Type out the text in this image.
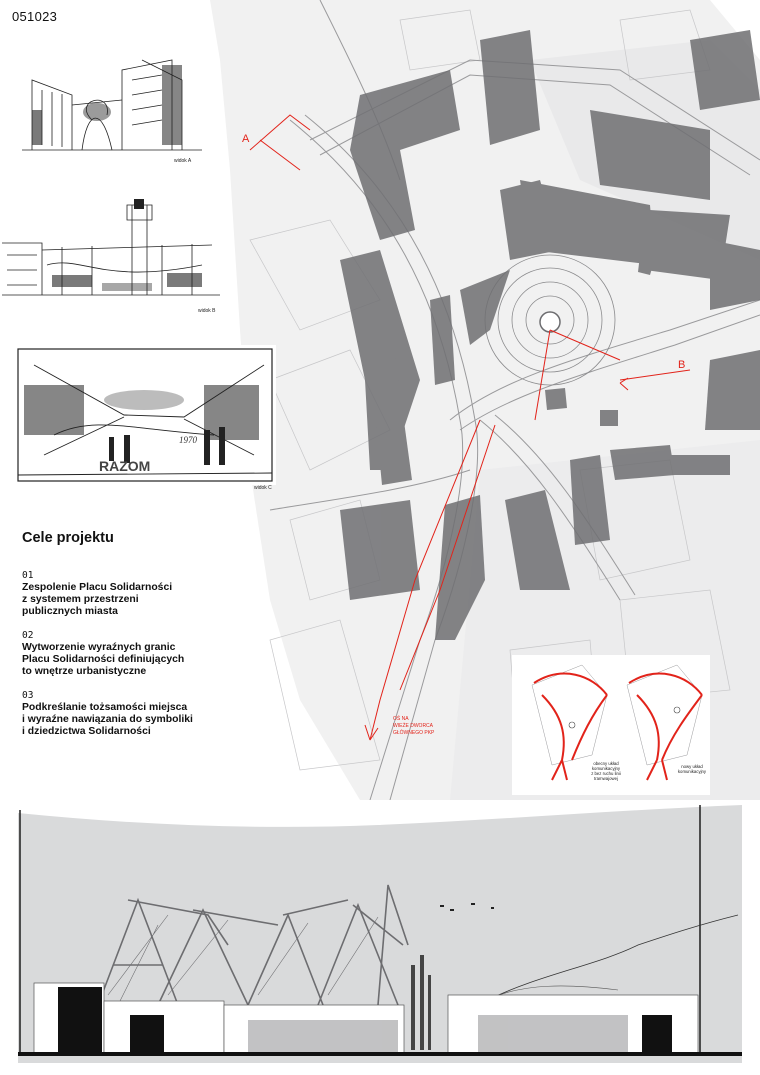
051023
A
B
OŚ NA
WIEŻE DWORCA
GŁÓWNEGO PKP
widok A
widok B
1970
RAZOM
widok C
Cele projektu
01
Zespolenie Placu Solidarności
z systemem przestrzeni
publicznych miasta
02
Wytworzenie wyraźnych granic
Placu Solidarności definiujących
to wnętrze urbanistyczne
03
Podkreślanie tożsamości miejsca
i wyraźne nawiązania do symboliki
i dziedzictwa Solidarności
obecny układ
komunikacyjny
z bez ruchu linii tramwajowej
nowy układ
komunikacyjny
